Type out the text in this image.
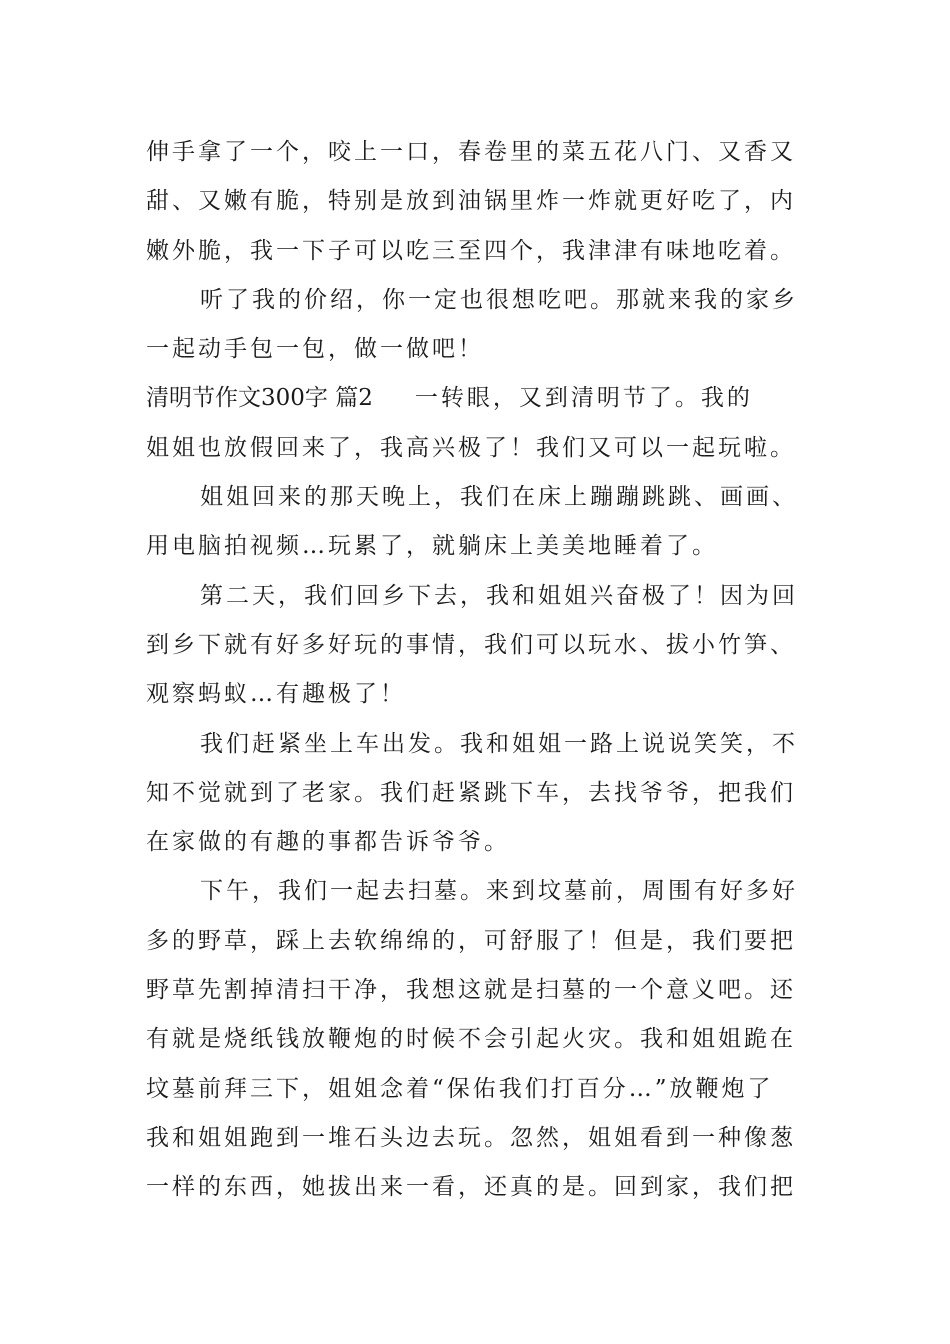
伸手拿了一个，咬上一口，春卷里的菜五花八门、又香又
甜、又嫩有脆，特别是放到油锅里炸一炸就更好吃了，内
嫩外脆，我一下子可以吃三至四个，我津津有味地吃着。
听了我的价绍，你一定也很想吃吧。那就来我的家乡
一起动手包一包，做一做吧！
清明节作文300字 篇2 一转眼，又到清明节了。我的
姐姐也放假回来了，我高兴极了！我们又可以一起玩啦。
姐姐回来的那天晚上，我们在床上蹦蹦跳跳、画画、
用电脑拍视频…玩累了，就躺床上美美地睡着了。
第二天，我们回乡下去，我和姐姐兴奋极了！因为回
到乡下就有好多好玩的事情，我们可以玩水、拔小竹笋、
观察蚂蚁…有趣极了！
我们赶紧坐上车出发。我和姐姐一路上说说笑笑，不
知不觉就到了老家。我们赶紧跳下车，去找爷爷，把我们
在家做的有趣的事都告诉爷爷。
下午，我们一起去扫墓。来到坟墓前，周围有好多好
多的野草，踩上去软绵绵的，可舒服了！但是，我们要把
野草先割掉清扫干净，我想这就是扫墓的一个意义吧。还
有就是烧纸钱放鞭炮的时候不会引起火灾。我和姐姐跪在
坟墓前拜三下，姐姐念着“保佑我们打百分…”放鞭炮了
我和姐姐跑到一堆石头边去玩。忽然，姐姐看到一种像葱
一样的东西，她拔出来一看，还真的是。回到家，我们把
